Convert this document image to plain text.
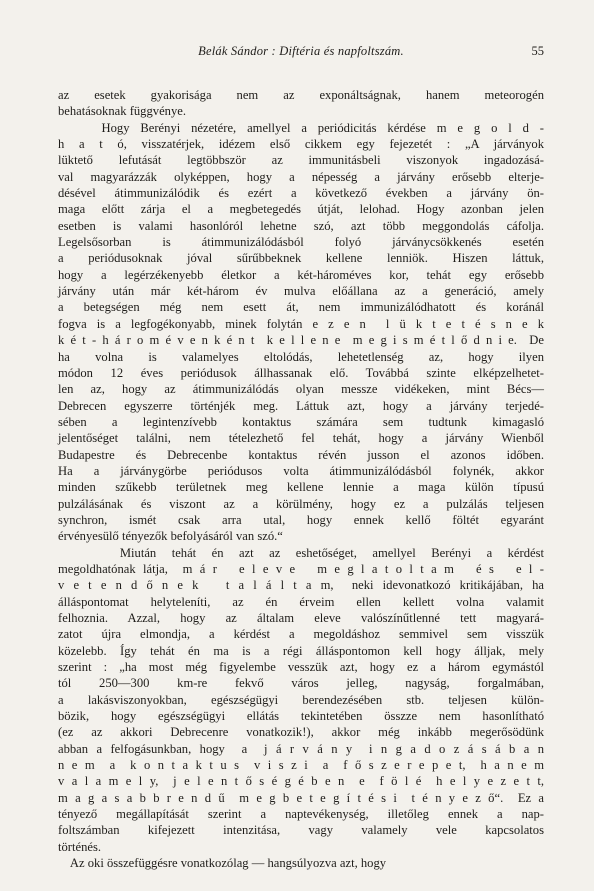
Belák Sándor : Diftéria és napfoltszám.	55
az esetek gyakorisága nem az exponáltságnak, hanem meteorogén
behatásoknak függvénye.
Hogy Berényi nézetére, amellyel a periódicitás kérdése m e g o l d -
h a t ó, visszatérjek, idézem első cikkem egy fejezetét : „A járványok
lüktető lefutását legtöbbször az immunitásbeli viszonyok ingadozásá-
val magyarázzák olyképpen, hogy a népesség a járvány erősebb elterje-
désével átimmunizálódik és ezért a következő években a járvány ön-
maga előtt zárja el a megbetegedés útját, lelohad. Hogy azonban jelen
esetben is valami hasonlóról lehetne szó, azt több meggondolás cáfolja.
Legelsősorban is átimmunizálódásból folyó járványcsökkenés esetén
a periódusoknak jóval sűrűbbeknek kellene lenniök. Hiszen láttuk,
hogy a legérzékenyebb életkor a két-hároméves kor, tehát egy erősebb
járvány után már két-három év mulva előállana az a generáció, amely
a betegségen még nem esett át, nem immunizálódhatott és koránál
fogva is a legfogékonyabb, minek folytán e z e n  l ü k t e t é s n e k
k é t - h á r o m é v e n k é n t  k e l l e n e  m e g i s m é t l ő d n i e.  De
ha volna is valamelyes eltolódás, lehetetlenség az, hogy ilyen
módon 12 éves periódusok állhassanak elő. Továbbá szinte elképzelhetet-
len az, hogy az átimmunizálódás olyan messze vidékeken, mint Bécs—
Debrecen egyszerre történjék meg. Láttuk azt, hogy a járvány terjedé-
sében a legintenzívebb kontaktus számára sem tudtunk kimagasló
jelentőséget találni, nem tételezhető fel tehát, hogy a járvány Wienből
Budapestre és Debrecenbe kontaktus révén jusson el azonos időben.
Ha a járványgörbe periódusos volta átimmunizálódásból folynék, akkor
minden szűkebb területnek meg kellene lennie a maga külön típusú
pulzálásának és viszont az a körülmény, hogy ez a pulzálás teljesen
synchron, ismét csak arra utal, hogy ennek kellő föltét egyaránt
érvényesülő tényezők befolyásáról van szó.“
Miután tehát én azt az eshetőséget, amellyel Berényi a kérdést
megoldhatónak látja,  m á r   e l e v e   m e g l a t o l t a m   é s   e l -
v e t e n d ő n e k   t a l á l t a m,  neki idevonatkozó kritikájában, ha
álláspontomat helyteleníti, az én érveim ellen kellett volna valamit
felhoznia. Azzal, hogy az általam eleve valószínűtlenné tett magyará-
zatot újra elmondja, a kérdést a megoldáshoz semmivel sem visszük
közelebb. Így tehát én ma is a régi álláspontomon kell hogy álljak, mely
szerint : „ha most még figyelembe vesszük azt, hogy ez a három egymástól
tól 250—300 km-re fekvő város jelleg, nagyság, forgalmában,
a lakásviszonyokban, egészségügyi berendezésében stb. teljesen külön-
bözik, hogy egészségügyi ellátás tekintetében összze nem hasonlítható
(ez az akkori Debrecenre vonatkozik!), akkor még inkább megerősödünk
abban a felfogásunkban, hogy  a  j á r v á n y  i n g a d o z á s á b a n
n e m  a  k o n t a k t u s  v i s z i  a  f ő s z e r e p e t,  h a n e m
v a l a m e l y,  j e l e n t ő s é g é b e n  e  f ö l é  h e l y e z e t t,
m a g a s a b b r e n d ű  m e g b e t e g í t é s i  t é n y e z ő“.  Ez a
tényező megállapítását szerint a naptevékenység, illetőleg ennek a nap-
foltszámban kifejezett intenzitása, vagy valamely vele kapcsolatos
történés.
Az oki összefüggésre vonatkozólag — hangsúlyozva azt, hogy
